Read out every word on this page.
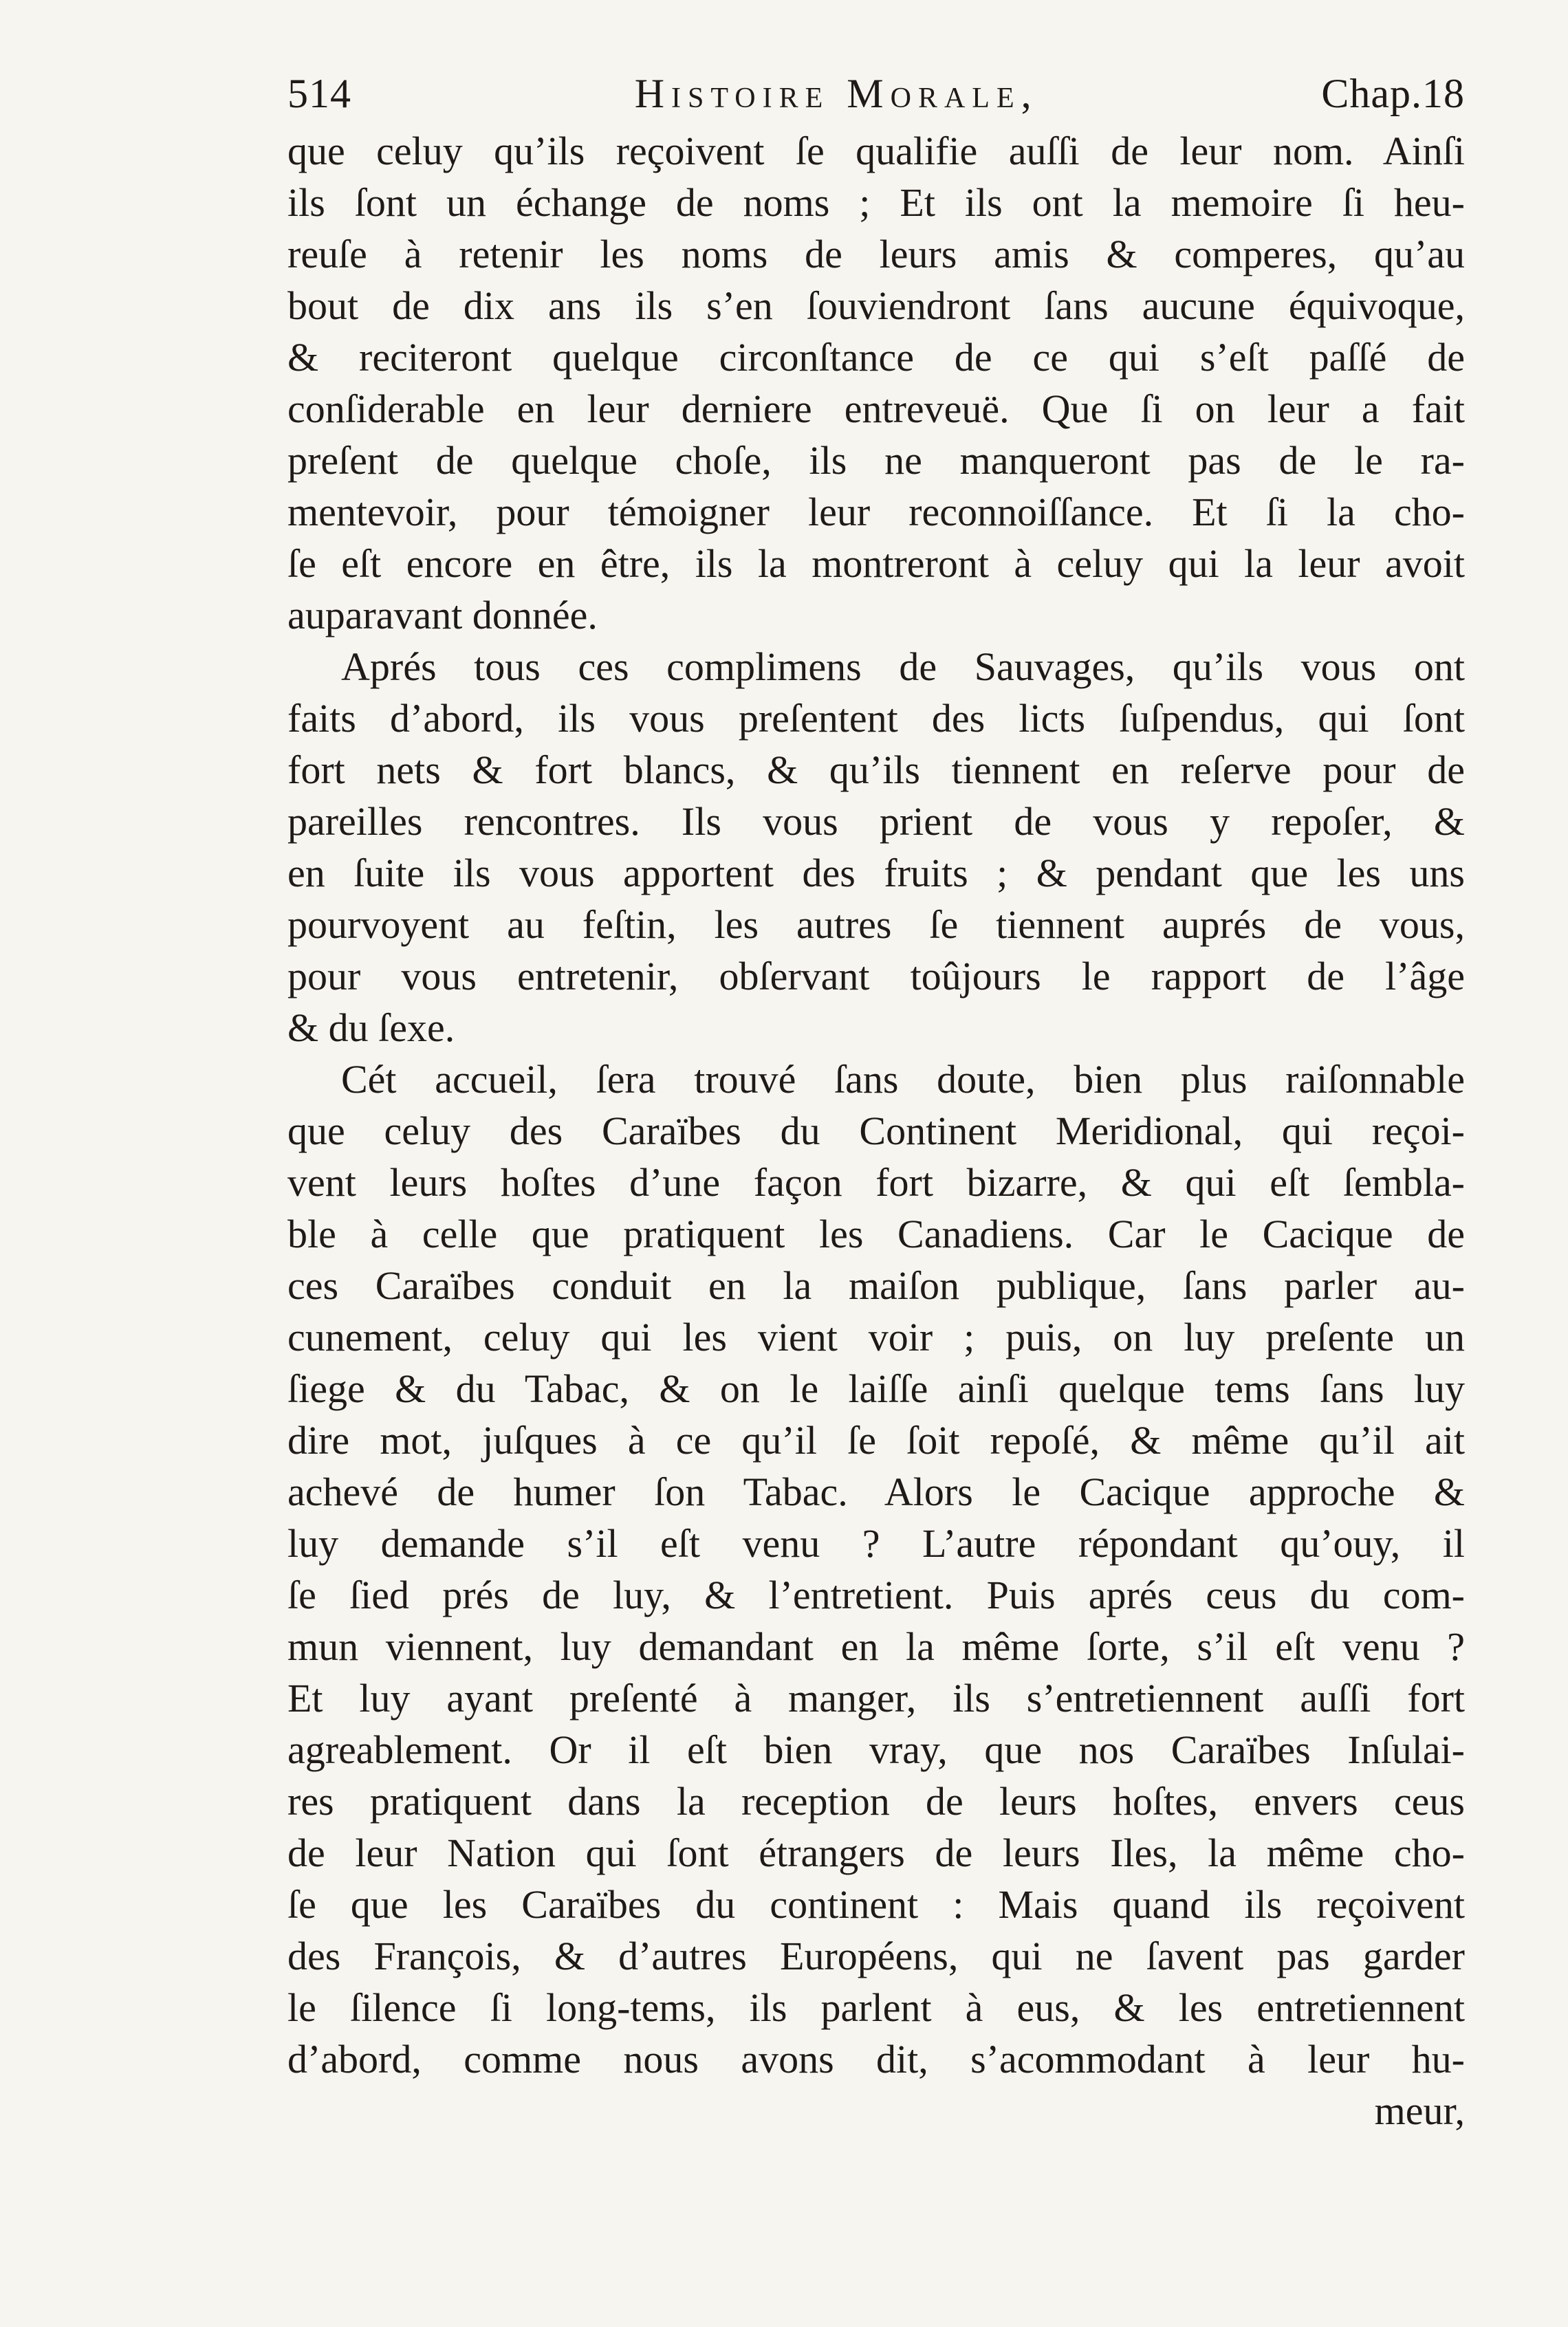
514	Histoire Morale,	Chap.18
que celuy qu’ils reçoivent ſe qualifie auſſi de leur nom. Ainſi
ils ſont un échange de noms ; Et ils ont la memoire ſi heu-
reuſe à retenir les noms de leurs amis & comperes, qu’au
bout de dix ans ils s’en ſouviendront ſans aucune équivoque,
& reciteront quelque circonſtance de ce qui s’eſt paſſé de
conſiderable en leur derniere entreveuë. Que ſi on leur a fait
preſent de quelque choſe, ils ne manqueront pas de le ra-
mentevoir, pour témoigner leur reconnoiſſance. Et ſi la cho-
ſe eſt encore en être, ils la montreront à celuy qui la leur avoit
auparavant donnée.
Aprés tous ces complimens de Sauvages, qu’ils vous ont
faits d’abord, ils vous preſentent des licts ſuſpendus, qui ſont
fort nets & fort blancs, & qu’ils tiennent en reſerve pour de
pareilles rencontres. Ils vous prient de vous y repoſer, &
en ſuite ils vous apportent des fruits ; & pendant que les uns
pourvoyent au feſtin, les autres ſe tiennent auprés de vous,
pour vous entretenir, obſervant toûjours le rapport de l’âge
& du ſexe.
Cét accueil, ſera trouvé ſans doute, bien plus raiſonnable
que celuy des Caraïbes du Continent Meridional, qui reçoi-
vent leurs hoſtes d’une façon fort bizarre, & qui eſt ſembla-
ble à celle que pratiquent les Canadiens. Car le Cacique de
ces Caraïbes conduit en la maiſon publique, ſans parler au-
cunement, celuy qui les vient voir ; puis, on luy preſente un
ſiege & du Tabac, & on le laiſſe ainſi quelque tems ſans luy
dire mot, juſques à ce qu’il ſe ſoit repoſé, & même qu’il ait
achevé de humer ſon Tabac. Alors le Cacique approche &
luy demande s’il eſt venu ? L’autre répondant qu’ouy, il
ſe ſied prés de luy, & l’entretient. Puis aprés ceus du com-
mun viennent, luy demandant en la même ſorte, s’il eſt venu ?
Et luy ayant preſenté à manger, ils s’entretiennent auſſi fort
agreablement. Or il eſt bien vray, que nos Caraïbes Inſulai-
res pratiquent dans la reception de leurs hoſtes, envers ceus
de leur Nation qui ſont étrangers de leurs Iles, la même cho-
ſe que les Caraïbes du continent : Mais quand ils reçoivent
des François, & d’autres Européens, qui ne ſavent pas garder
le ſilence ſi long-tems, ils parlent à eus, & les entretiennent
d’abord, comme nous avons dit, s’acommodant à leur hu-
meur,
